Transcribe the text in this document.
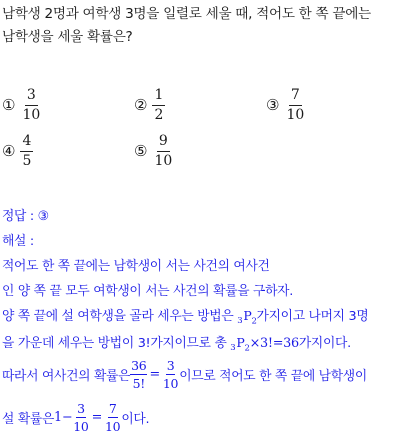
남학생 2명과 여학생 3명을 일렬로 세울 때, 적어도 한 쪽 끝에는
남학생을 세울 확률은?
① $\frac{3}{10}$	② $\frac{1}{2}$	③ $\frac{7}{10}$
④ $\frac{4}{5}$	⑤ $\frac{9}{10}$
정답 : ③
해설 :
적어도 한 쪽 끝에는 남학생이 서는 사건의 여사건
인 양 쪽 끝 모두 여학생이 서는 사건의 확률을 구하자.
양 쪽 끝에 설 여학생을 골라 세우는 방법은 $_3P_2$가지이고 나머지 3명
을 가운데 세우는 방법이 3!가지이므로 총 $_3P_2\times 3!=36$가지이다.
따라서 여사건의 확률은 $\frac{36}{5!} = \frac{3}{10}$ 이므로 적어도 한 쪽 끝에 남학생이
설 확률은 $1- \frac{3}{10} = \frac{7}{10}$ 이다.
